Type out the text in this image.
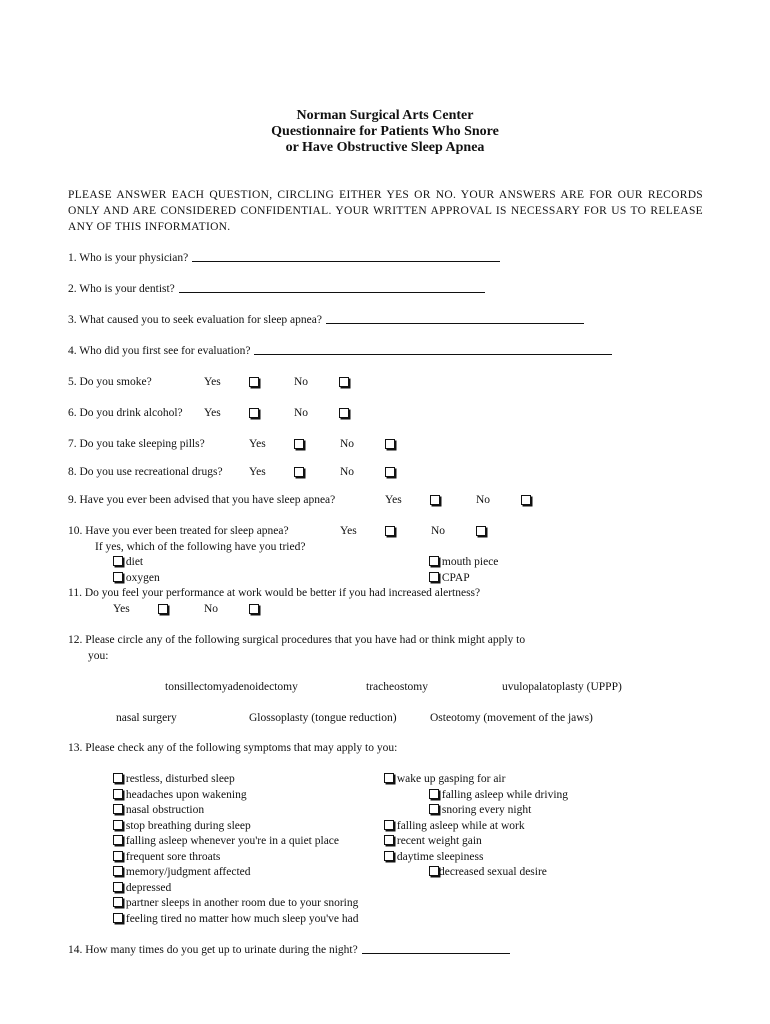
Norman Surgical Arts Center
Questionnaire for Patients Who Snore
or Have Obstructive Sleep Apnea
PLEASE ANSWER EACH QUESTION, CIRCLING EITHER YES OR NO. YOUR ANSWERS ARE FOR OUR RECORDS ONLY AND ARE CONSIDERED CONFIDENTIAL. YOUR WRITTEN APPROVAL IS NECESSARY FOR US TO RELEASE ANY OF THIS INFORMATION.
1. Who is your physician?
2. Who is your dentist?
3. What caused you to seek evaluation for sleep apnea?
4. Who did you first see for evaluation?
5. Do you smoke?	Yes	No
6. Do you drink alcohol? Yes	No
7. Do you take sleeping pills?	Yes	No
8. Do you use recreational drugs? Yes	No
9. Have you ever been advised that you have sleep apnea?	Yes	No
10. Have you ever been treated for sleep apnea?	Yes	No
If yes, which of the following have you tried?
diet
oxygen
mouth piece
CPAP
11. Do you feel your performance at work would be better if you had increased alertness?
Yes	No
12. Please circle any of the following surgical procedures that you have had or think might apply to
you:
tonsillectomyadenoidectomy	tracheostomy	uvulopalatoplasty (UPPP)
nasal surgery	Glossoplasty (tongue reduction)	Osteotomy (movement of the jaws)
13. Please check any of the following symptoms that may apply to you:
restless, disturbed sleep
headaches upon wakening
nasal obstruction
stop breathing during sleep
falling asleep whenever you're in a quiet place
frequent sore throats
memory/judgment affected
depressed
partner sleeps in another room due to your snoring
feeling tired no matter how much sleep you've had
wake up gasping for air
falling asleep while driving
snoring every night
falling asleep while at work
recent weight gain
daytime sleepiness
decreased sexual desire
14. How many times do you get up to urinate during the night?
